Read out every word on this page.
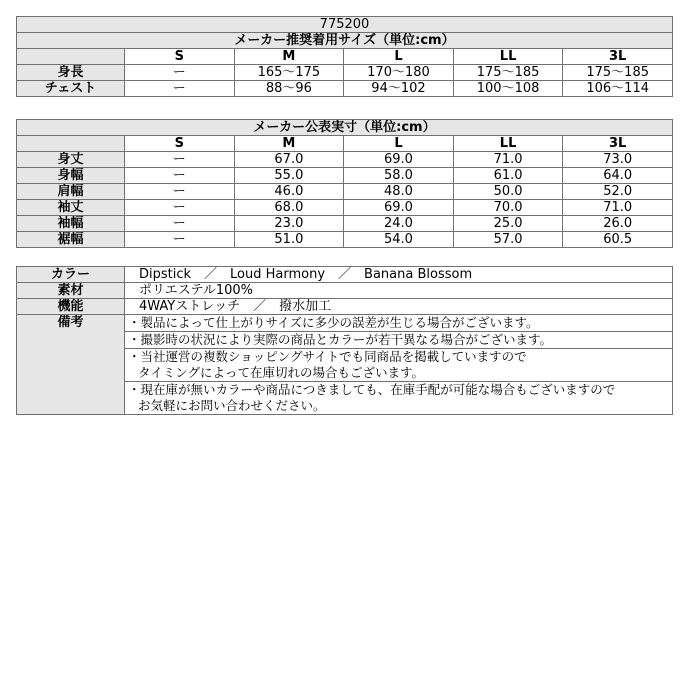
775200					
メーカー推奨着用サイズ（単位:cm）					
	S	M	L	LL	3L
身長	ー	165～175	170～180	175～185	175～185
チェスト	ー	88～96	94～102	100～108	106～114
メーカー公表実寸（単位:cm）					
	S	M	L	LL	3L
身丈	ー	67.0	69.0	71.0	73.0
身幅	ー	55.0	58.0	61.0	64.0
肩幅	ー	46.0	48.0	50.0	52.0
袖丈	ー	68.0	69.0	70.0	71.0
袖幅	ー	23.0	24.0	25.0	26.0
裾幅	ー	51.0	54.0	57.0	60.5
カラー	Dipstick　／　Loud Harmony　／　Banana Blossom
素材	ポリエステル100%
機能	4WAYストレッチ　／　撥水加工
備考	・製品によって仕上がりサイズに多少の誤差が生じる場合がございます。
	・撮影時の状況により実際の商品とカラーが若干異なる場合がございます。
	・当社運営の複数ショッピングサイトでも同商品を掲載していますので
タイミングによって在庫切れの場合もございます。
	・現在庫が無いカラーや商品につきましても、在庫手配が可能な場合もございますので
お気軽にお問い合わせください。
